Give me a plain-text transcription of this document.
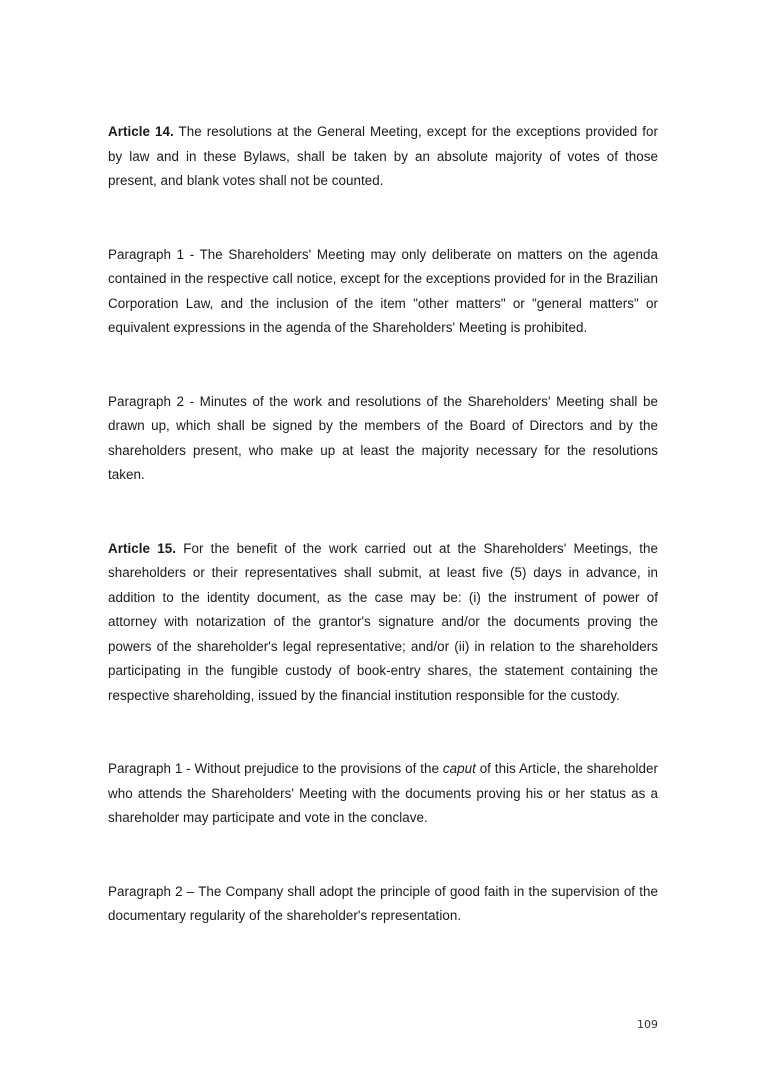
Article 14. The resolutions at the General Meeting, except for the exceptions provided for by law and in these Bylaws, shall be taken by an absolute majority of votes of those present, and blank votes shall not be counted.

Paragraph 1 - The Shareholders' Meeting may only deliberate on matters on the agenda contained in the respective call notice, except for the exceptions provided for in the Brazilian Corporation Law, and the inclusion of the item "other matters" or "general matters" or equivalent expressions in the agenda of the Shareholders' Meeting is prohibited.

Paragraph 2 - Minutes of the work and resolutions of the Shareholders' Meeting shall be drawn up, which shall be signed by the members of the Board of Directors and by the shareholders present, who make up at least the majority necessary for the resolutions taken.

Article 15. For the benefit of the work carried out at the Shareholders' Meetings, the shareholders or their representatives shall submit, at least five (5) days in advance, in addition to the identity document, as the case may be: (i) the instrument of power of attorney with notarization of the grantor's signature and/or the documents proving the powers of the shareholder's legal representative; and/or (ii) in relation to the shareholders participating in the fungible custody of book-entry shares, the statement containing the respective shareholding, issued by the financial institution responsible for the custody.

Paragraph 1 - Without prejudice to the provisions of the caput of this Article, the shareholder who attends the Shareholders' Meeting with the documents proving his or her status as a shareholder may participate and vote in the conclave.

Paragraph 2 – The Company shall adopt the principle of good faith in the supervision of the documentary regularity of the shareholder's representation.

109
